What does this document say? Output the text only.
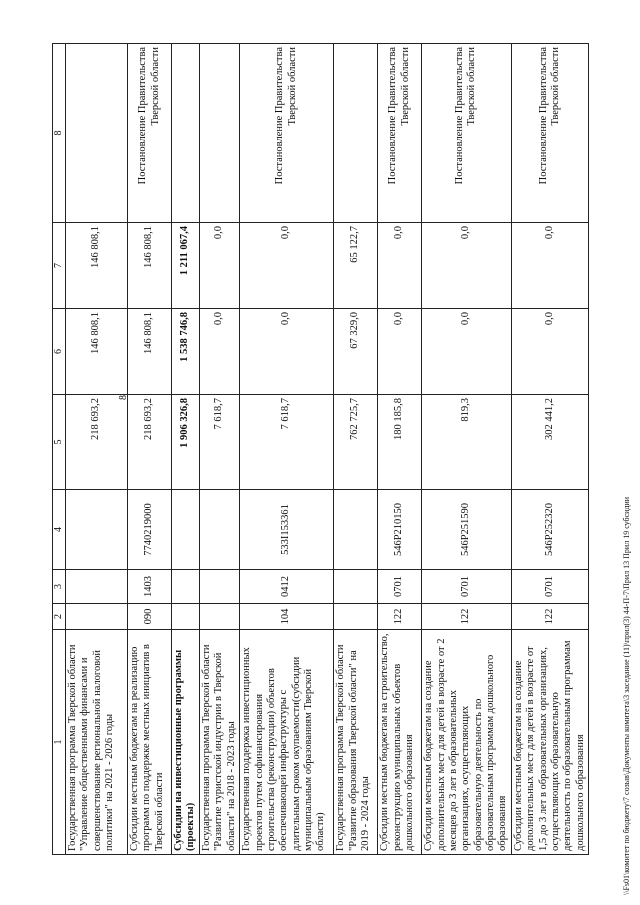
8
1	2	3	4	5	6	7	8
Государственная программа Тверской области "Управление общественными финансами и совершенствование региональной налоговой политики" на 2021 - 2026 годы				218 693,2	146 808,1	146 808,1	
Субсидии местным бюджетам на реализацию программ по поддержке местных инициатив в Тверской области	090	1403	7740219000	218 693,2	146 808,1	146 808,1	Постановление Правительства Тверской области
Субсидии на инвестиционные программы (проекты)				1 906 326,8	1 538 746,8	1 211 067,4	
Государственная программа Тверской области "Развитие туристской индустрии в Тверской области" на 2018 - 2023 годы				7 618,7	0,0	0,0	
Государственная поддержка инвестиционных проектов путем софинансирования строительства (реконструкции) объектов обеспечивающей инфраструктуры с длительным сроком окупаемости(субсидии муниципальным образованиям Тверской области)	104	0412	533I153361	7 618,7	0,0	0,0	Постановление Правительства Тверской области
Государственная программа Тверской области "Развитие образования Тверской области" на 2019 - 2024 годы				762 725,7	67 329,0	65 122,7	
Субсидии местным бюджетам на строительство, реконструкцию муниципальных объектов дошкольного образования	122	0701	546P210150	180 185,8	0,0	0,0	Постановление Правительства Тверской области
Субсидии местным бюджетам на создание дополнительных мест для детей в возрасте от 2 месяцев до 3 лет в образовательных организациях, осуществляющих образовательную деятельность по образовательным программам дошкольного образования	122	0701	546P251590	819,3	0,0	0,0	Постановление Правительства Тверской области
Субсидии местным бюджетам на создание дополнительных мест для детей в возрасте от 1,5 до 3 лет в образовательных организациях, осуществляющих образовательную деятельность по образовательным программам дошкольного образования	122	0701	546P252320	302 441,2	0,0	0,0	Постановление Правительства Тверской области
\\Fs01\комитет по бюджету\7 созыв\Документы комитета\3 заседание (11)\прил(3) 44-П-7\Прил 13 Прил 19 субсидии
